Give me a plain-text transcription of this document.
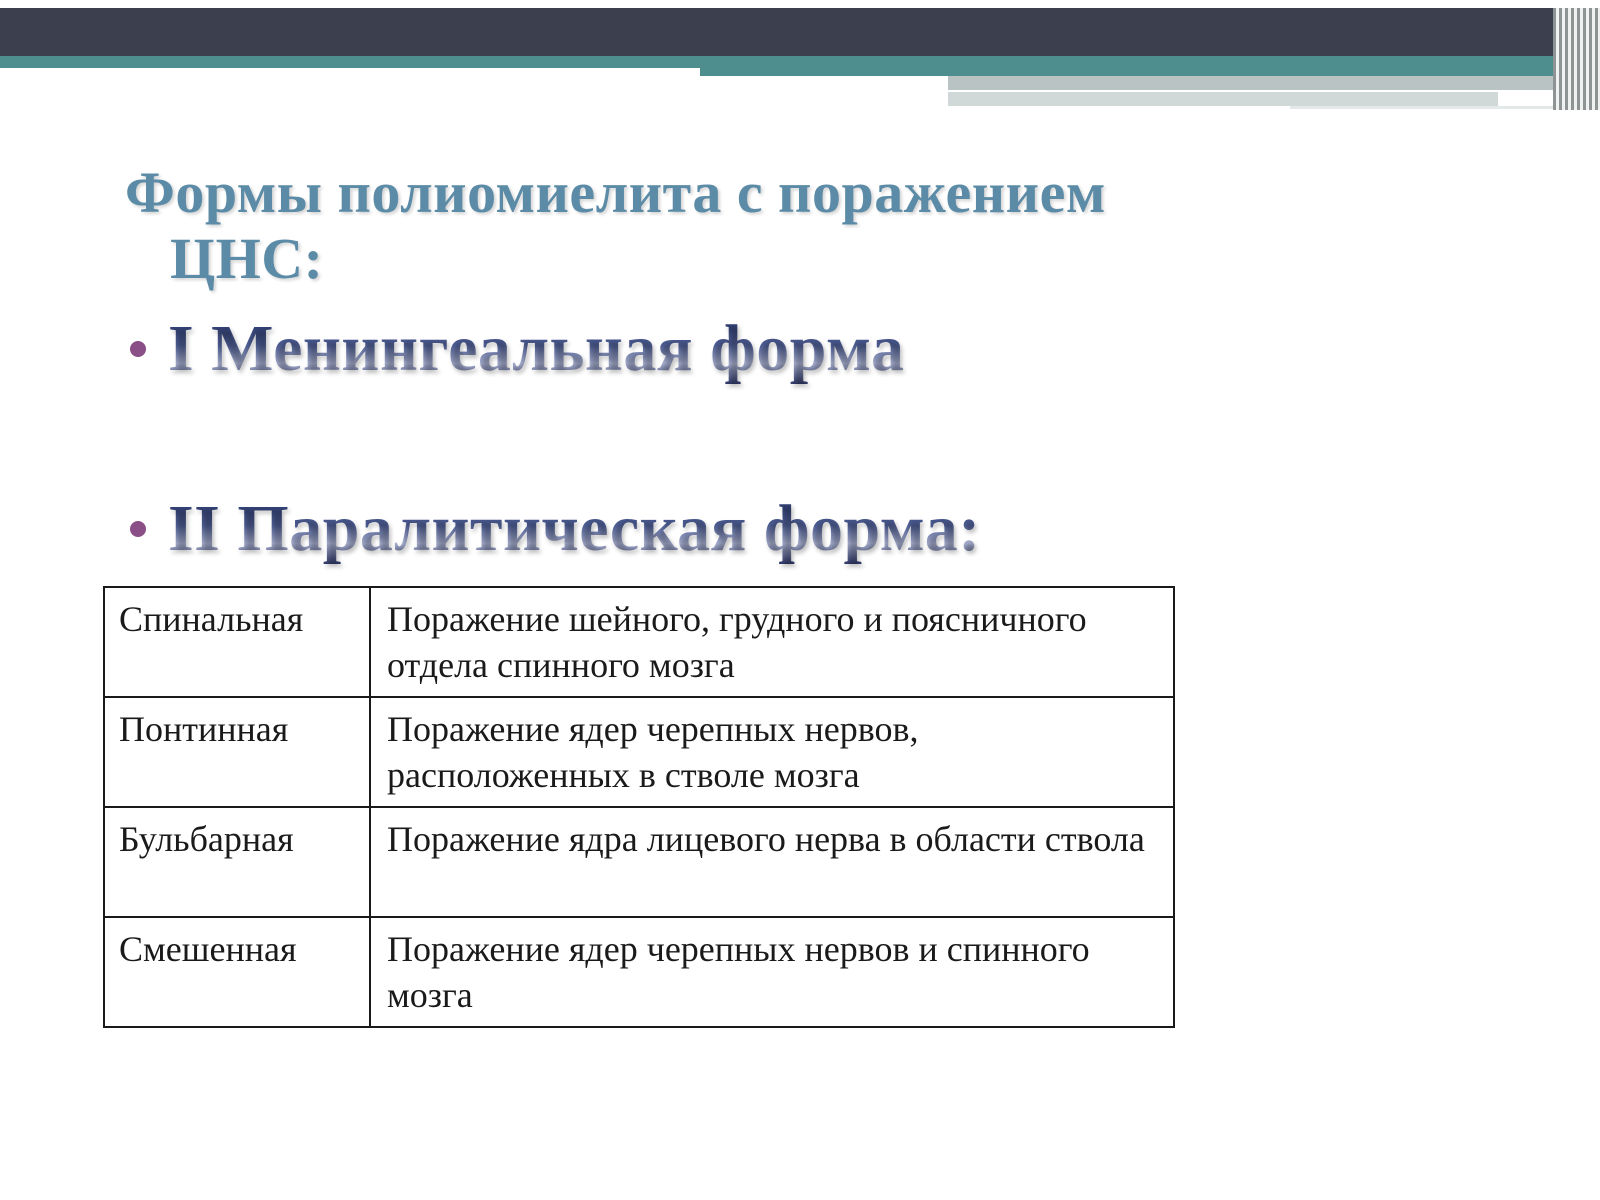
Формы полиомиелита с поражением
ЦНС:
I Менингеальная форма
II Паралитическая форма:
Спинальная	Поражение шейного, грудного и поясничного отдела спинного мозга
Понтинная	Поражение ядер черепных нервов, расположенных в стволе мозга
Бульбарная	Поражение ядра лицевого нерва в области ствола
Смешенная	Поражение ядер черепных нервов и спинного мозга
